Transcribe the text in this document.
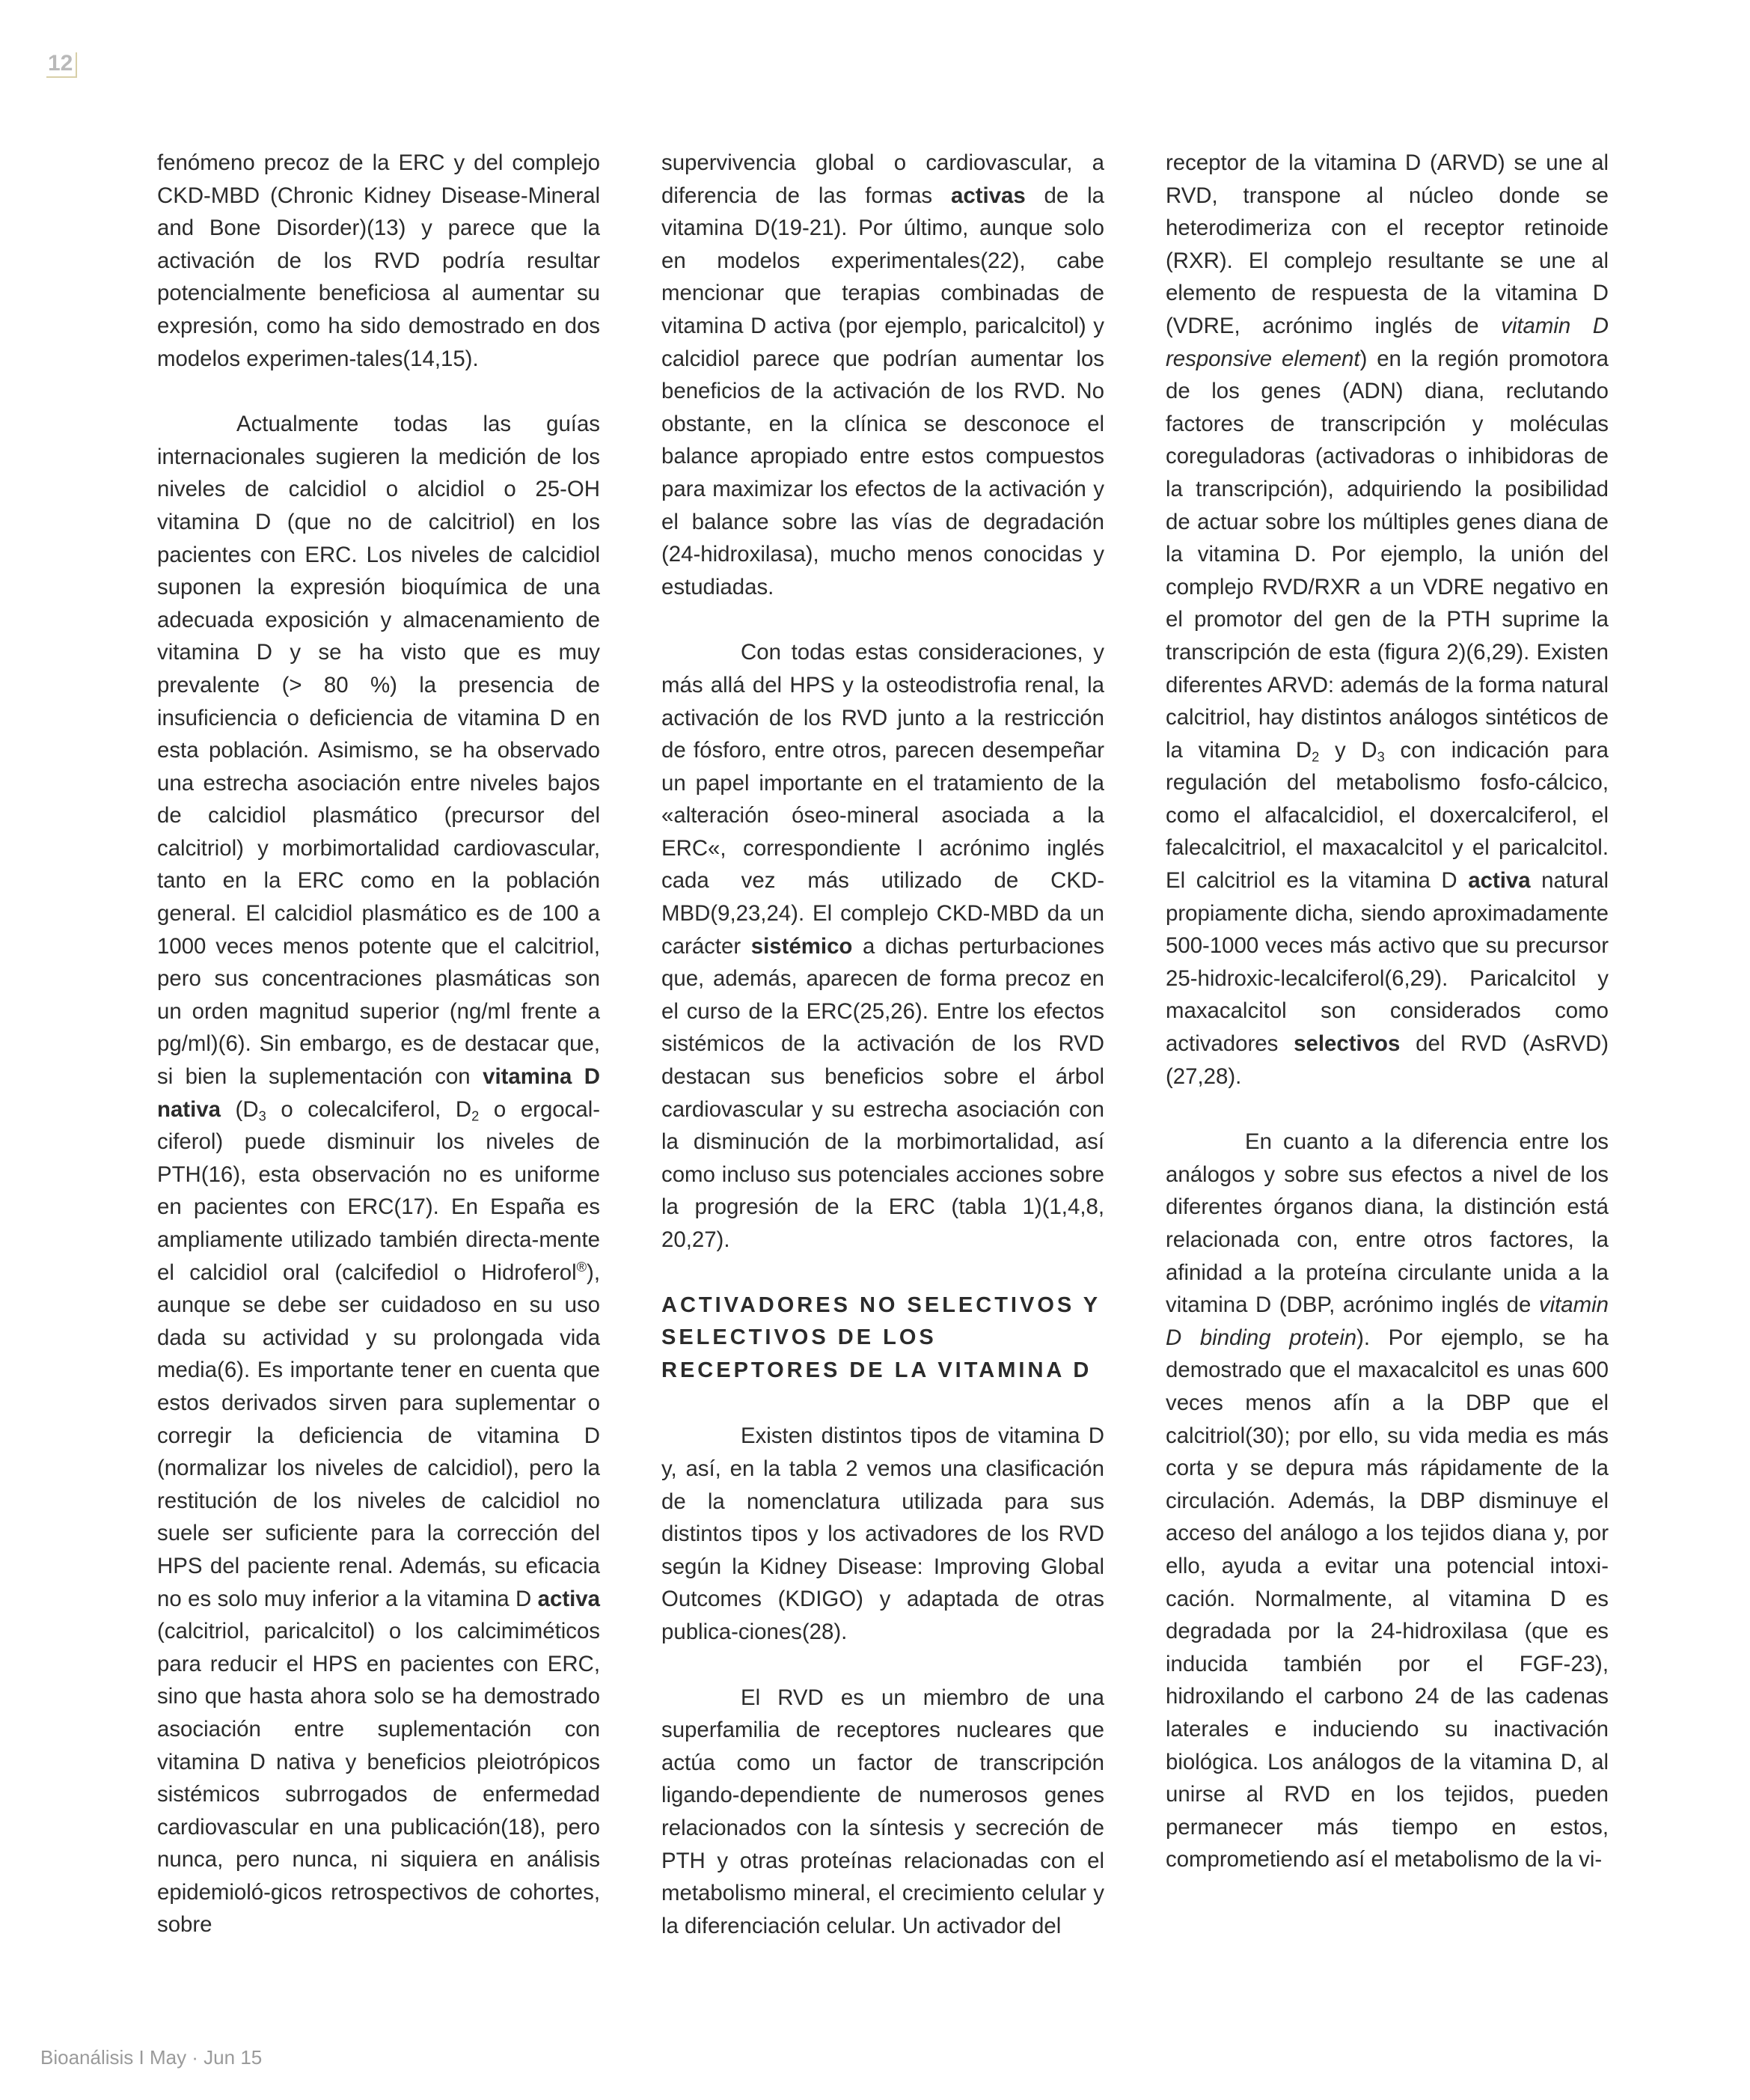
12

fenómeno precoz de la ERC y del complejo CKD-MBD (Chronic Kidney Disease-Mineral and Bone Disorder)(13) y parece que la activación de los RVD podría resultar potencialmente beneficiosa al aumentar su expresión, como ha sido demostrado en dos modelos experimen-tales(14,15).

Actualmente todas las guías internacionales sugieren la medición de los niveles de calcidiol o alcidiol o 25-OH vitamina D (que no de calcitriol) en los pacientes con ERC. Los niveles de calcidiol suponen la expresión bioquímica de una adecuada exposición y almacenamiento de vitamina D y se ha visto que es muy prevalente (> 80 %) la presencia de insuficiencia o deficiencia de vitamina D en esta población. Asimismo, se ha observado una estrecha asociación entre niveles bajos de calcidiol plasmático (precursor del calcitriol) y morbimortalidad cardiovascular, tanto en la ERC como en la población general. El calcidiol plasmático es de 100 a 1000 veces menos potente que el calcitriol, pero sus concentraciones plasmáticas son un orden magnitud superior (ng/ml frente a pg/ml)(6). Sin embargo, es de destacar que, si bien la suplementación con vitamina D nativa ($D_3$ o colecalciferol, $D_2$ o ergocal-ciferol) puede disminuir los niveles de PTH(16), esta observación no es uniforme en pacientes con ERC(17). En España es ampliamente utilizado también directa-mente el calcidiol oral (calcifediol o Hidroferol®), aunque se debe ser cuidadoso en su uso dada su actividad y su prolongada vida media(6). Es importante tener en cuenta que estos derivados sirven para suplementar o corregir la deficiencia de vitamina D (normalizar los niveles de calcidiol), pero la restitución de los niveles de calcidiol no suele ser suficiente para la corrección del HPS del paciente renal. Además, su eficacia no es solo muy inferior a la vitamina D activa (calcitriol, paricalcitol) o los calcimiméticos para reducir el HPS en pacientes con ERC, sino que hasta ahora solo se ha demostrado asociación entre suplementación con vitamina D nativa y beneficios pleiotrópicos sistémicos subrrogados de enfermedad cardiovascular en una publicación(18), pero nunca, pero nunca, ni siquiera en análisis epidemioló-gicos retrospectivos de cohortes, sobre

supervivencia global o cardiovascular, a diferencia de las formas activas de la vitamina D(19-21). Por último, aunque solo en modelos experimentales(22), cabe mencionar que terapias combinadas de vitamina D activa (por ejemplo, paricalcitol) y calcidiol parece que podrían aumentar los beneficios de la activación de los RVD. No obstante, en la clínica se desconoce el balance apropiado entre estos compuestos para maximizar los efectos de la activación y el balance sobre las vías de degradación (24-hidroxilasa), mucho menos conocidas y estudiadas.

Con todas estas consideraciones, y más allá del HPS y la osteodistrofia renal, la activación de los RVD junto a la restricción de fósforo, entre otros, parecen desempeñar un papel importante en el tratamiento de la «alteración óseo-mineral asociada a la ERC«, correspondiente l acrónimo inglés cada vez más utilizado de CKD-MBD(9,23,24). El complejo CKD-MBD da un carácter sistémico a dichas perturbaciones que, además, aparecen de forma precoz en el curso de la ERC(25,26). Entre los efectos sistémicos de la activación de los RVD destacan sus beneficios sobre el árbol cardiovascular y su estrecha asociación con la disminución de la morbimortalidad, así como incluso sus potenciales acciones sobre la progresión de la ERC (tabla 1)(1,4,8, 20,27).

ACTIVADORES NO SELECTIVOS Y SELECTIVOS DE LOS RECEPTORES DE LA VITAMINA D

Existen distintos tipos de vitamina D y, así, en la tabla 2 vemos una clasificación de la nomenclatura utilizada para sus distintos tipos y los activadores de los RVD según la Kidney Disease: Improving Global Outcomes (KDIGO) y adaptada de otras publica-ciones(28).

El RVD es un miembro de una superfamilia de receptores nucleares que actúa como un factor de transcripción ligando-dependiente de numerosos genes relacionados con la síntesis y secreción de PTH y otras proteínas relacionadas con el metabolismo mineral, el crecimiento celular y la diferenciación celular. Un activador del

receptor de la vitamina D (ARVD) se une al RVD, transpone al núcleo donde se heterodimeriza con el receptor retinoide (RXR). El complejo resultante se une al elemento de respuesta de la vitamina D (VDRE, acrónimo inglés de vitamin D responsive element) en la región promotora de los genes (ADN) diana, reclutando factores de transcripción y moléculas coreguladoras (activadoras o inhibidoras de la transcripción), adquiriendo la posibilidad de actuar sobre los múltiples genes diana de la vitamina D. Por ejemplo, la unión del complejo RVD/RXR a un VDRE negativo en el promotor del gen de la PTH suprime la transcripción de esta (figura 2)(6,29). Existen diferentes ARVD: además de la forma natural calcitriol, hay distintos análogos sintéticos de la vitamina $D_2$ y $D_3$ con indicación para regulación del metabolismo fosfo-cálcico, como el alfacalcidiol, el doxercalciferol, el falecalcitriol, el maxacalcitol y el paricalcitol. El calcitriol es la vitamina D activa natural propiamente dicha, siendo aproximadamente 500-1000 veces más activo que su precursor 25-hidroxic-lecalciferol(6,29). Paricalcitol y maxacalcitol son considerados como activadores selectivos del RVD (AsRVD) (27,28).

En cuanto a la diferencia entre los análogos y sobre sus efectos a nivel de los diferentes órganos diana, la distinción está relacionada con, entre otros factores, la afinidad a la proteína circulante unida a la vitamina D (DBP, acrónimo inglés de vitamin D binding protein). Por ejemplo, se ha demostrado que el maxacalcitol es unas 600 veces menos afín a la DBP que el calcitriol(30); por ello, su vida media es más corta y se depura más rápidamente de la circulación. Además, la DBP disminuye el acceso del análogo a los tejidos diana y, por ello, ayuda a evitar una potencial intoxi-cación. Normalmente, al vitamina D es degradada por la 24-hidroxilasa (que es inducida también por el FGF-23), hidroxilando el carbono 24 de las cadenas laterales e induciendo su inactivación biológica. Los análogos de la vitamina D, al unirse al RVD en los tejidos, pueden permanecer más tiempo en estos, comprometiendo así el metabolismo de la vi-

Bioanálisis I May · Jun 15
